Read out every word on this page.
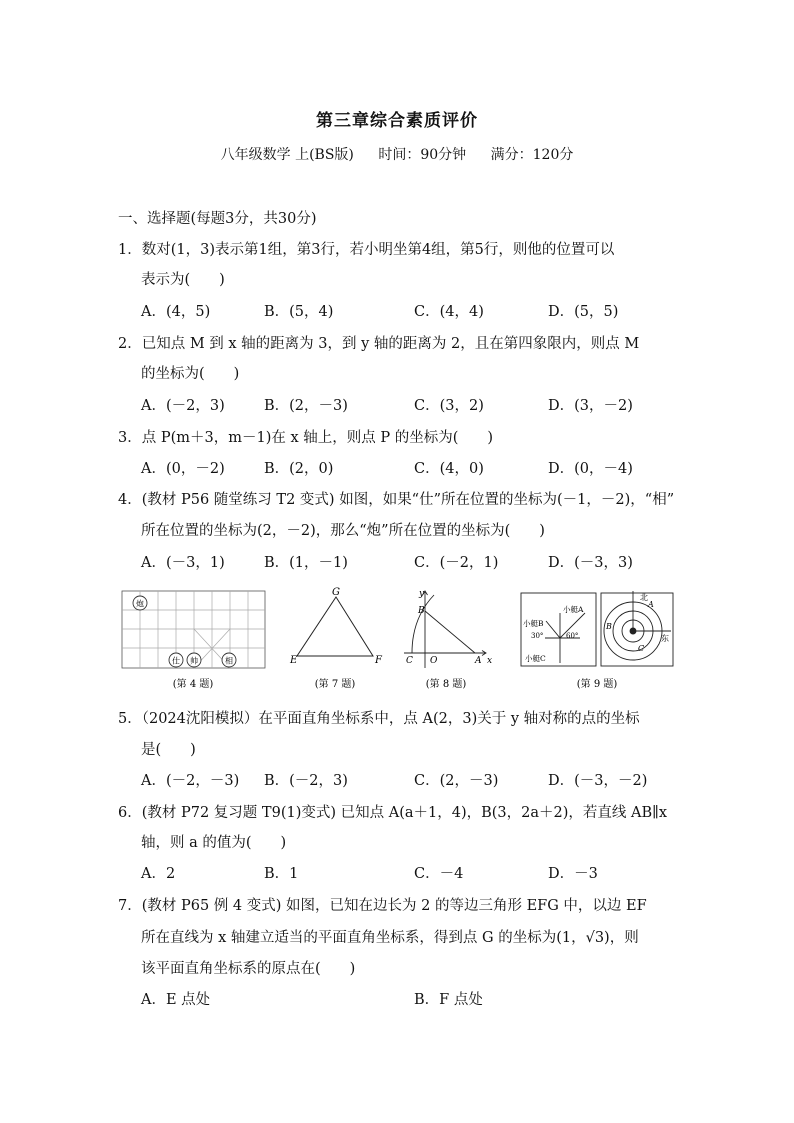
第三章综合素质评价
八年级数学 上(BS版) 时间：90分钟 满分：120分
一、选择题(每题3分，共30分)
1．数对(1，3)表示第1组，第3行，若小明坐第4组，第5行，则他的位置可以
表示为(　　)
A．(4，5)	B．(5，4)	C．(4，4)	D．(5，5)
2．已知点 M 到 x 轴的距离为 3，到 y 轴的距离为 2，且在第四象限内，则点 M
的坐标为(　　)
A．(－2，3)	B．(2，－3)	C．(3，2)	D．(3，－2)
3．点 P(m＋3，m－1)在 x 轴上，则点 P 的坐标为(　　)
A．(0，－2)	B．(2，0)	C．(4，0)	D．(0，－4)
4．(教材 P56 随堂练习 T2 变式) 如图，如果“仕”所在位置的坐标为(－1，－2)，“相”
所在位置的坐标为(2，－2)，那么“炮”所在位置的坐标为(　　)
A．(－3，1)	B．(1，－1)	C．(－2，1)	D．(－3，3)
炮
仕 帅	相
(第 4 题)
G
E	F
(第 7 题)
y
B
C O	A x
(第 8 题)
小艇A
小艇B
小艇C
30°	60°
北
东
A
B
C
(第 9 题)
5．（2024沈阳模拟）在平面直角坐标系中，点 A(2，3)关于 y 轴对称的点的坐标
是(　　)
A．(－2，－3) B．(－2，3)	C．(2，－3)	D．(－3，－2)
6．(教材 P72 复习题 T9(1)变式) 已知点 A(a＋1，4)，B(3，2a＋2)，若直线 AB∥x
轴，则 a 的值为(　　)
A．2	B．1	C．－4	D．－3
7．(教材 P65 例 4 变式) 如图，已知在边长为 2 的等边三角形 EFG 中，以边 EF
所在直线为 x 轴建立适当的平面直角坐标系，得到点 G 的坐标为(1，√3)，则
该平面直角坐标系的原点在(　　)
A．E 点处	B．F 点处
